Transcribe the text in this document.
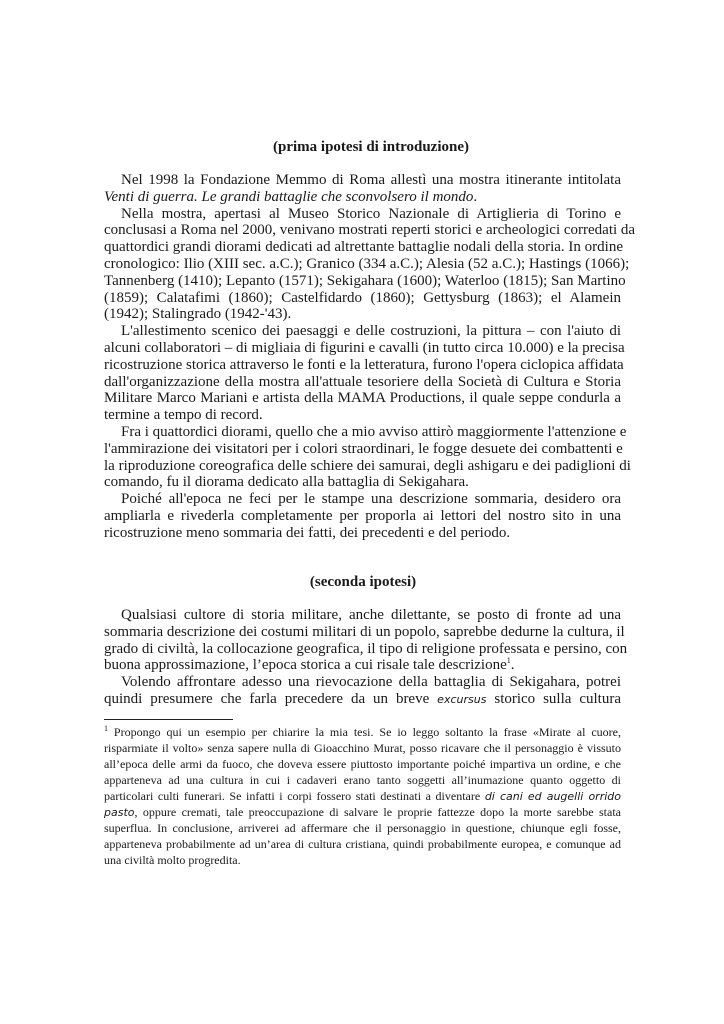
(prima ipotesi di introduzione)
Nel 1998 la Fondazione Memmo di Roma allestì una mostra itinerante intitolata
Venti di guerra. Le grandi battaglie che sconvolsero il mondo.
Nella mostra, apertasi al Museo Storico Nazionale di Artiglieria di Torino e
conclusasi a Roma nel 2000, venivano mostrati reperti storici e archeologici corredati da
quattordici grandi diorami dedicati ad altrettante battaglie nodali della storia. In ordine
cronologico: Ilio (XIII sec. a.C.); Granico (334 a.C.); Alesia (52 a.C.); Hastings (1066);
Tannenberg (1410); Lepanto (1571); Sekigahara (1600); Waterloo (1815); San Martino
(1859); Calatafimi (1860); Castelfidardo (1860); Gettysburg (1863); el Alamein
(1942); Stalingrado (1942-'43).
L'allestimento scenico dei paesaggi e delle costruzioni, la pittura – con l'aiuto di
alcuni collaboratori – di migliaia di figurini e cavalli (in tutto circa 10.000) e la precisa
ricostruzione storica attraverso le fonti e la letteratura, furono l'opera ciclopica affidata
dall'organizzazione della mostra all'attuale tesoriere della Società di Cultura e Storia
Militare Marco Mariani e artista della MAMA Productions, il quale seppe condurla a
termine a tempo di record.
Fra i quattordici diorami, quello che a mio avviso attirò maggiormente l'attenzione e
l'ammirazione dei visitatori per i colori straordinari, le fogge desuete dei combattenti e
la riproduzione coreografica delle schiere dei samurai, degli ashigaru e dei padiglioni di
comando, fu il diorama dedicato alla battaglia di Sekigahara.
Poiché all'epoca ne feci per le stampe una descrizione sommaria, desidero ora
ampliarla e rivederla completamente per proporla ai lettori del nostro sito in una
ricostruzione meno sommaria dei fatti, dei precedenti e del periodo.
(seconda ipotesi)
Qualsiasi cultore di storia militare, anche dilettante, se posto di fronte ad una
sommaria descrizione dei costumi militari di un popolo, saprebbe dedurne la cultura, il
grado di civiltà, la collocazione geografica, il tipo di religione professata e persino, con
buona approssimazione, l’epoca storica a cui risale tale descrizione$^1$.
Volendo affrontare adesso una rievocazione della battaglia di Sekigahara, potrei
quindi presumere che farla precedere da un breve excursus storico sulla cultura
$^1$ Propongo qui un esempio per chiarire la mia tesi. Se io leggo soltanto la frase «Mirate al cuore,
risparmiate il volto» senza sapere nulla di Gioacchino Murat, posso ricavare che il personaggio è vissuto
all’epoca delle armi da fuoco, che doveva essere piuttosto importante poiché impartiva un ordine, e che
apparteneva ad una cultura in cui i cadaveri erano tanto soggetti all’inumazione quanto oggetto di
particolari culti funerari. Se infatti i corpi fossero stati destinati a diventare di cani ed augelli orrido
pasto, oppure cremati, tale preoccupazione di salvare le proprie fattezze dopo la morte sarebbe stata
superflua. In conclusione, arriverei ad affermare che il personaggio in questione, chiunque egli fosse,
apparteneva probabilmente ad un’area di cultura cristiana, quindi probabilmente europea, e comunque ad
una civiltà molto progredita.
